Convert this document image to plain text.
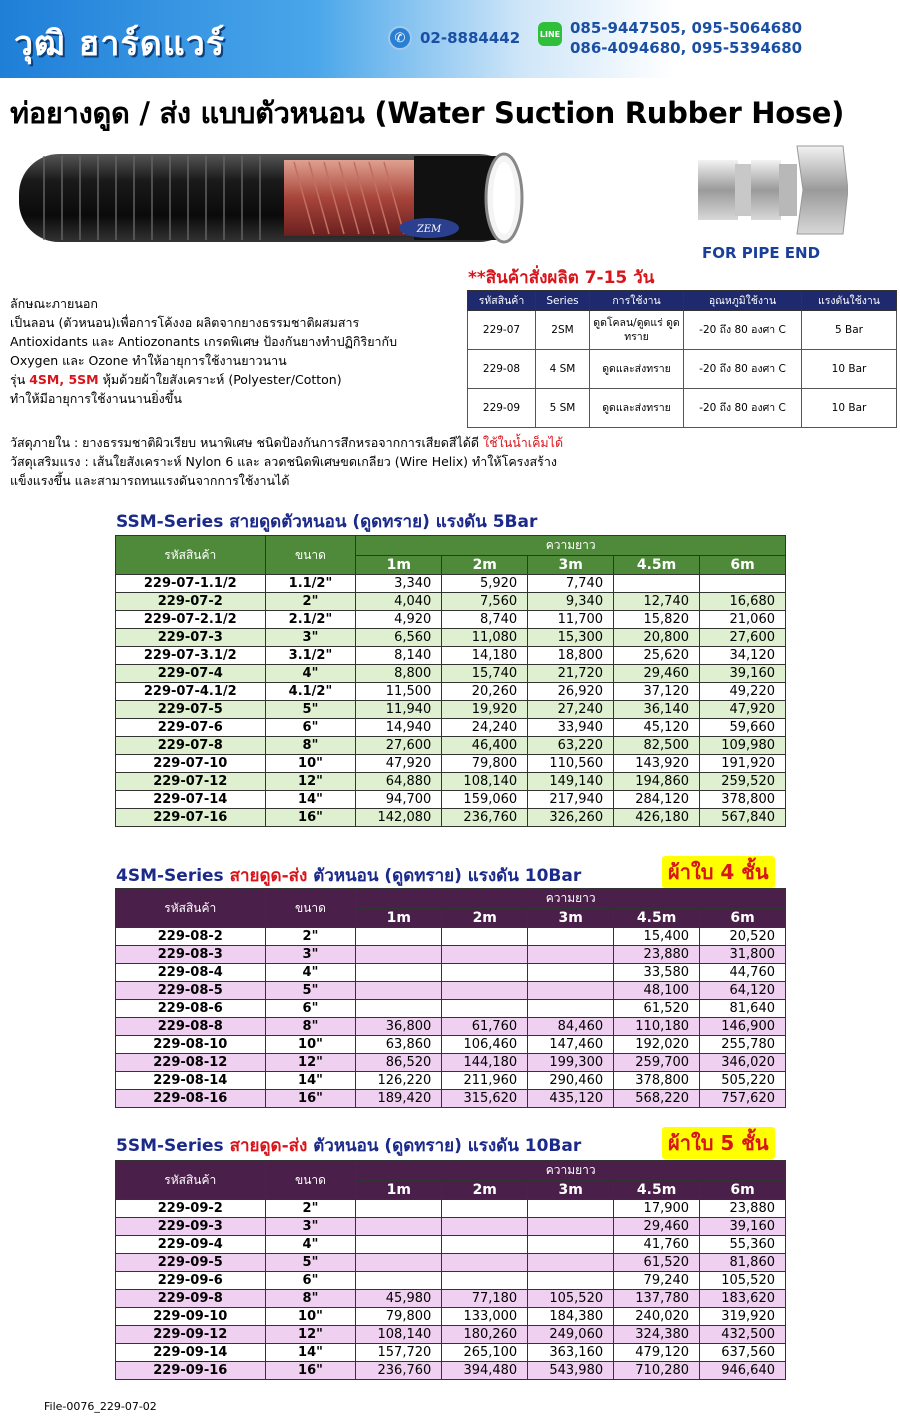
วุฒิ ฮาร์ดแวร์	✆ 02-8884442 LINE 085-9447505, 095-5064680
086-4094680, 095-5394680
ท่อยางดูด / ส่ง แบบตัวหนอน (Water Suction Rubber Hose)
ZEM
FOR PIPE END
**สินค้าสั่งผลิต 7-15 วัน
รหัสสินค้า	Series	การใช้งาน	อุณหภูมิใช้งาน	แรงดันใช้งาน
229-07	2SM	ดูดโคลน/ดูดแร่ ดูดทราย	-20 ถึง 80 องศา C	5 Bar
229-08	4 SM	ดูดและส่งทราย	-20 ถึง 80 องศา C	10 Bar
229-09	5 SM	ดูดและส่งทราย	-20 ถึง 80 องศา C	10 Bar
ลักษณะภายนอก
เป็นลอน (ตัวหนอน)เพื่อการโค้งงอ ผลิตจากยางธรรมชาติผสมสาร
Antioxidants และ Antiozonants เกรดพิเศษ ป้องกันยางทำปฏิกิริยากับ
Oxygen และ Ozone ทำให้อายุการใช้งานยาวนาน
รุ่น 4SM, 5SM หุ้มด้วยผ้าใยสังเคราะห์ (Polyester/Cotton)
ทำให้มีอายุการใช้งานนานยิ่งขึ้น
วัสดุภายใน : ยางธรรมชาติผิวเรียบ หนาพิเศษ ชนิดป้องกันการสึกหรอจากการเสียดสีได้ดี ใช้ในน้ำเค็มได้
วัสดุเสริมแรง : เส้นใยสังเคราะห์ Nylon 6 และ ลวดชนิดพิเศษขดเกลียว (Wire Helix) ทำให้โครงสร้าง
แข็งแรงขึ้น และสามารถทนแรงดันจากการใช้งานได้
SSM-Series สายดูดตัวหนอน (ดูดทราย) แรงดัน 5Bar
รหัสสินค้า	ขนาด	ความยาว				
		1m	2m	3m	4.5m	6m
229-07-1.1/2	1.1/2"	3,340	5,920	7,740		
229-07-2	2"	4,040	7,560	9,340	12,740	16,680
229-07-2.1/2	2.1/2"	4,920	8,740	11,700	15,820	21,060
229-07-3	3"	6,560	11,080	15,300	20,800	27,600
229-07-3.1/2	3.1/2"	8,140	14,180	18,800	25,620	34,120
229-07-4	4"	8,800	15,740	21,720	29,460	39,160
229-07-4.1/2	4.1/2"	11,500	20,260	26,920	37,120	49,220
229-07-5	5"	11,940	19,920	27,240	36,140	47,920
229-07-6	6"	14,940	24,240	33,940	45,120	59,660
229-07-8	8"	27,600	46,400	63,220	82,500	109,980
229-07-10	10"	47,920	79,800	110,560	143,920	191,920
229-07-12	12"	64,880	108,140	149,140	194,860	259,520
229-07-14	14"	94,700	159,060	217,940	284,120	378,800
229-07-16	16"	142,080	236,760	326,260	426,180	567,840
4SM-Series สายดูด-ส่ง ตัวหนอน (ดูดทราย) แรงดัน 10Bar	ผ้าใบ 4 ชั้น
รหัสสินค้า	ขนาด	ความยาว				
		1m	2m	3m	4.5m	6m
229-08-2	2"				15,400	20,520
229-08-3	3"				23,880	31,800
229-08-4	4"				33,580	44,760
229-08-5	5"				48,100	64,120
229-08-6	6"				61,520	81,640
229-08-8	8"	36,800	61,760	84,460	110,180	146,900
229-08-10	10"	63,860	106,460	147,460	192,020	255,780
229-08-12	12"	86,520	144,180	199,300	259,700	346,020
229-08-14	14"	126,220	211,960	290,460	378,800	505,220
229-08-16	16"	189,420	315,620	435,120	568,220	757,620
5SM-Series สายดูด-ส่ง ตัวหนอน (ดูดทราย) แรงดัน 10Bar	ผ้าใบ 5 ชั้น
รหัสสินค้า	ขนาด	ความยาว				
		1m	2m	3m	4.5m	6m
229-09-2	2"				17,900	23,880
229-09-3	3"				29,460	39,160
229-09-4	4"				41,760	55,360
229-09-5	5"				61,520	81,860
229-09-6	6"				79,240	105,520
229-09-8	8"	45,980	77,180	105,520	137,780	183,620
229-09-10	10"	79,800	133,000	184,380	240,020	319,920
229-09-12	12"	108,140	180,260	249,060	324,380	432,500
229-09-14	14"	157,720	265,100	363,160	479,120	637,560
229-09-16	16"	236,760	394,480	543,980	710,280	946,640
File-0076_229-07-02
